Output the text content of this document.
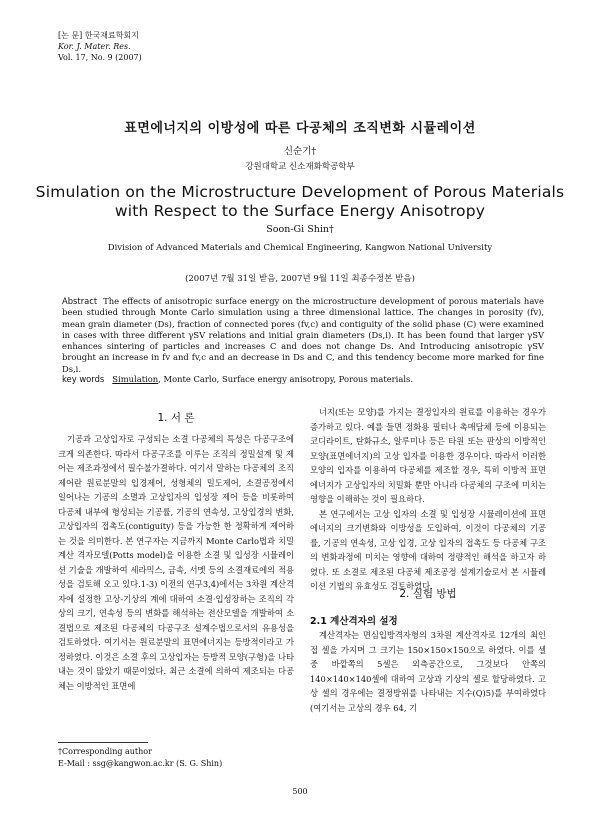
[논 문] 한국재료학회지
Kor. J. Mater. Res.
Vol. 17, No. 9 (2007)
표면에너지의 이방성에 따른 다공체의 조직변화 시뮬레이션
신순기†
강원대학교 신소재화학공학부
Simulation on the Microstructure Development of Porous Materials
with Respect to the Surface Energy Anisotropy
Soon-Gi Shin†
Division of Advanced Materials and Chemical Engineering, Kangwon National University
(2007년 7월 31일 받음, 2007년 9월 11일 최종수정본 받음)
Abstract The effects of anisotropic surface energy on the microstructure development of porous materials have been studied through Monte Carlo simulation using a three dimensional lattice. The changes in porosity (fv), mean grain diameter (Ds), fraction of connected pores (fv,c) and contiguity of the solid phase (C) were examined in cases with three different γSV relations and initial grain diameters (Ds,i). It has been found that larger γSV enhances sintering of particles and increases C and does not change Ds. And Introducing anisotropic γSV brought an increase in fv and fv,c and an decrease in Ds and C, and this tendency become more marked for fine Ds,i.
key words Simulation, Monte Carlo, Surface energy anisotropy, Porous materials.
1. 서 론

기공과 고상입자로 구성되는 소결 다공체의 특성은 다공구조에 크게 의존한다. 따라서 다공구조를 이루는 조직의 정밀설계 및 제어는 제조과정에서 필수불가결하다. 여기서 말하는 다공체의 조직제어란 원료분말의 입경제어, 성형체의 밀도제어, 소결공정에서 일어나는 기공의 소멸과 고상입자의 입성장 제어 등을 비롯하여 다공체 내부에 형성되는 기공률, 기공의 연속성, 고상입경의 변화, 고상입자의 접촉도(contiguity) 등을 가능한 한 정확하게 제어하는 것을 의미한다. 본 연구자는 지금까지 Monte Carlo법과 치밀계산 격자모델(Potts model)을 이용한 소결 및 입성장 시뮬레이션 기술을 개발하여 세라믹스, 금속, 서멧 등의 소결재료에의 적용성을 검토해 오고 있다.1-3) 이전의 연구3,4)에서는 3차원 계산격자에 설정한 고상-기상의 계에 대하여 소결·입성장하는 조직의 각상의 크기, 연속성 등의 변화를 해석하는 전산모델을 개발하여 소결법으로 제조된 다공체의 다공구조 설계수법으로서의 유용성을 검토하였다. 여기서는 원료분말의 표면에너지는 등방적이라고 가정하였다. 이것은 소결 후의 고상입자는 등방적 모양(구형)을 나타내는 것이 많았기 때문이었다. 최근 소결에 의하여 제조되는 다공체는 이방적인 표면에

너지(또는 모양)를 가지는 결정입자의 원료를 이용하는 경우가 증가하고 있다. 예를 들면 정화용 필터나 촉매담체 등에 이용되는 코디라이트, 탄화규소, 알루미나 등은 타원 또는 판상의 이방적인 모양(표면에너지)의 고상 입자를 이용한 경우이다. 따라서 이러한 모양의 입자를 이용하여 다공체를 제조할 경우, 특히 이방적 표면에너지가 고상입자의 치밀화 뿐만 아니라 다공체의 구조에 미치는 영향을 이해하는 것이 필요하다.

본 연구에서는 고상 입자의 소결 및 입성장 시뮬레이션에 표면에너지의 크기변화와 이방성을 도입하여, 이것이 다공체의 기공률, 기공의 연속성, 고상 입경, 고상 입자의 접촉도 등 다공체 구조의 변화과정에 미치는 영향에 대하여 정량적인 해석을 하고자 하였다. 또 소결로 제조된 다공체 제조공정 설계기술로서 본 시뮬레이션 기법의 유효성도 검토하였다.

2. 실험 방법
2.1 계산격자의 설정

계산격자는 면심입방격자형의 3차원 계산격자로 12개의 최인접 셀을 가지며 그 크기는 150×150×150으로 하였다. 이를 셀중 바깥쪽의 5셀은 외측공간으로, 그것보다 안쪽의 140×140×140셀에 대하여 고상과 기상의 셀로 할당하였다. 고상 셀의 경우에는 결정방위를 나타내는 지수(Q)5)를 부여하였다(여기서는 고상의 경우 64, 기

†Corresponding author
E-Mail : ssg@kangwon.ac.kr (S. G. Shin)
500
